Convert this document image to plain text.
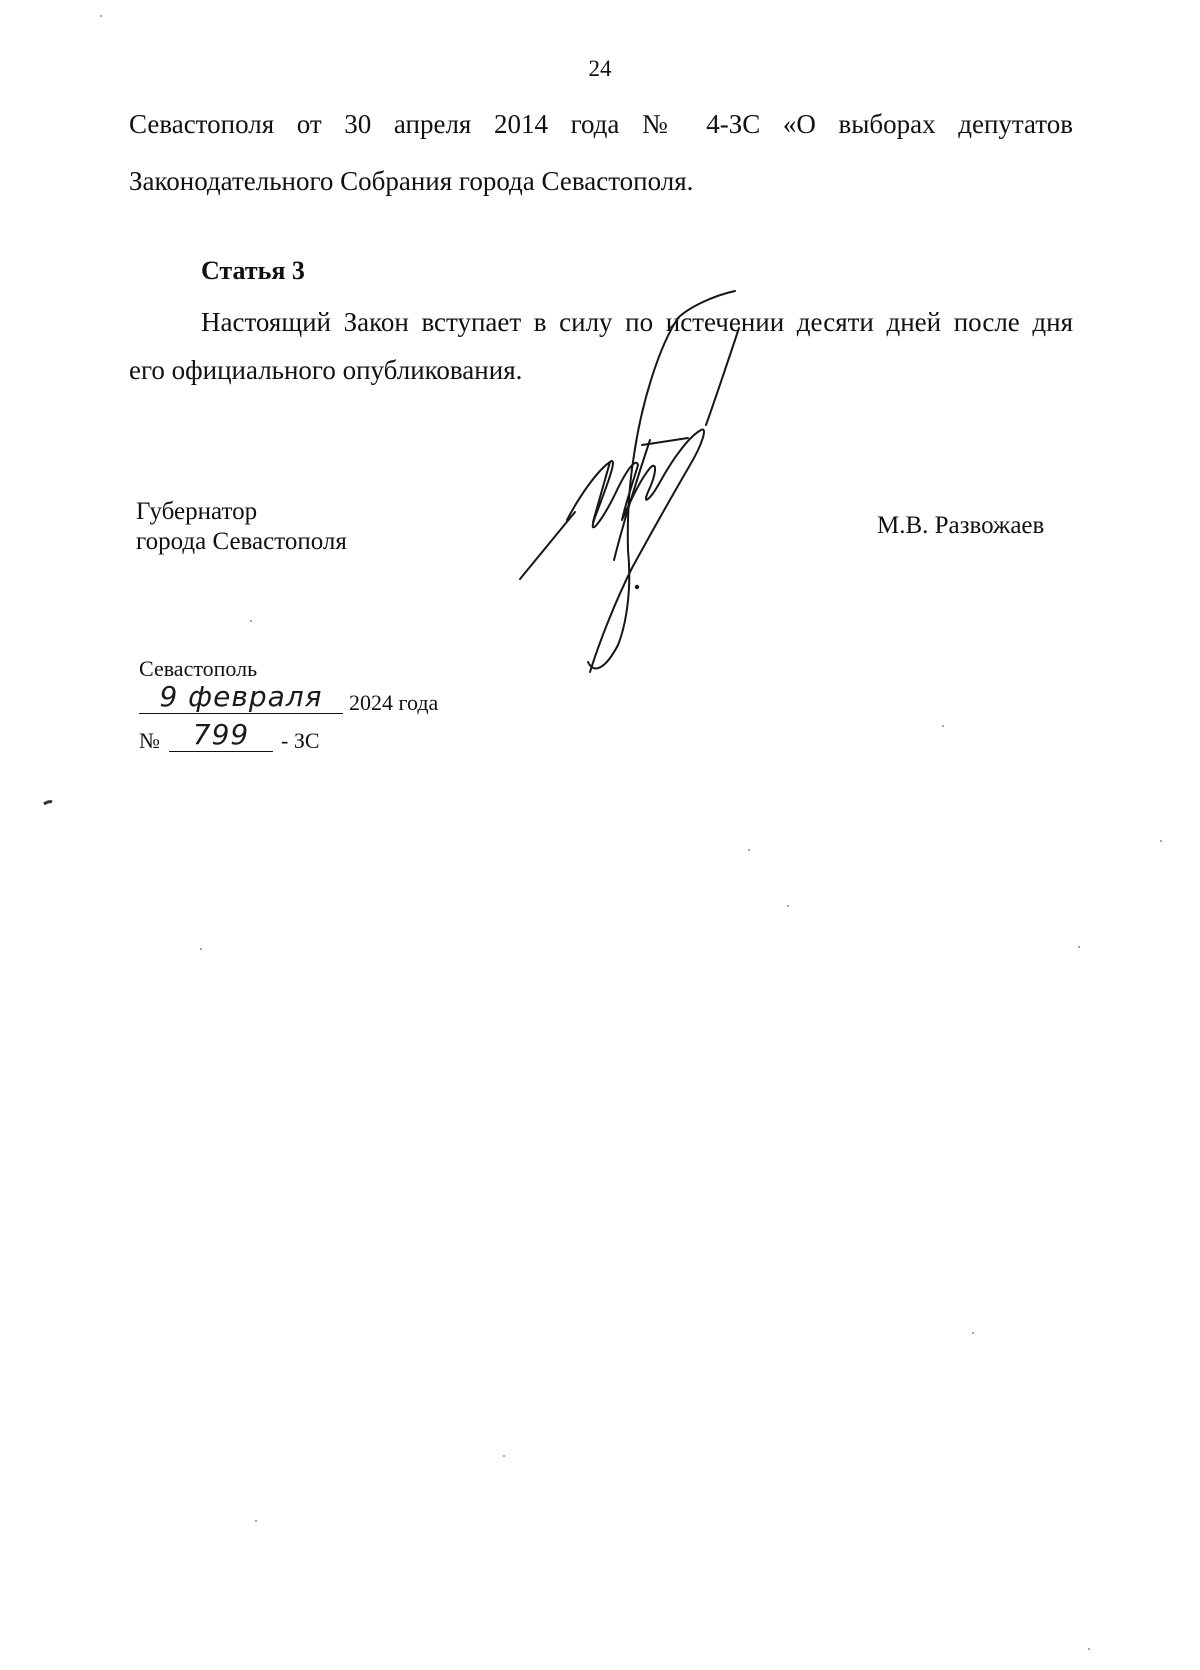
24
Севастополя от 30 апреля 2014 года № 4-ЗС «О выборах депутатов
Законодательного Собрания города Севастополя.
Статья 3
Настоящий Закон вступает в силу по истечении десяти дней после дня
его официального опубликования.
Губернатор
города Севастополя
М.В. Развожаев
Севастополь
9 февраля	2024 года
№	799	- ЗС
